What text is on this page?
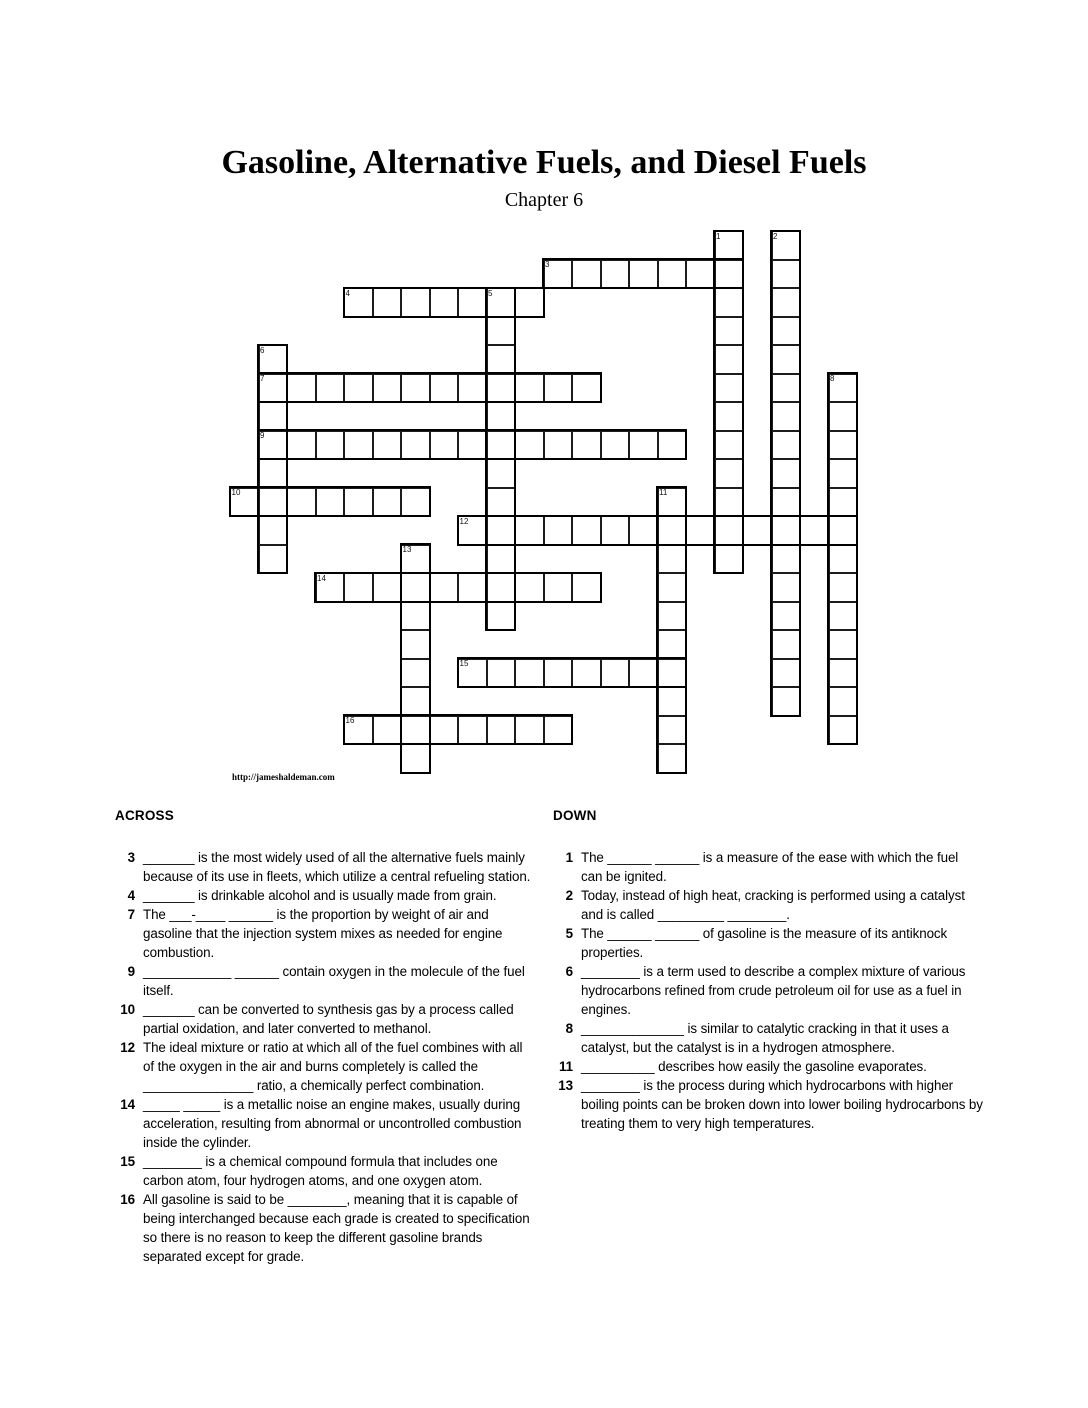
Gasoline, Alternative Fuels, and Diesel Fuels
Chapter 6
1	2
3
4	5
6
7	8
9
10	11
12
13
14
15
16
http://jameshaldeman.com
ACROSS
3 _______ is the most widely used of all the alternative fuels mainly because of its use in fleets, which utilize a central refueling station.
4 _______ is drinkable alcohol and is usually made from grain.
7 The ___-____ ______ is the proportion by weight of air and gasoline that the injection system mixes as needed for engine combustion.
9 ____________ ______ contain oxygen in the molecule of the fuel itself.
10 _______ can be converted to synthesis gas by a process called partial oxidation, and later converted to methanol.
12 The ideal mixture or ratio at which all of the fuel combines with all of the oxygen in the air and burns completely is called the _______________ ratio, a chemically perfect combination.
14 _____ _____ is a metallic noise an engine makes, usually during acceleration, resulting from abnormal or uncontrolled combustion inside the cylinder.
15 ________ is a chemical compound formula that includes one carbon atom, four hydrogen atoms, and one oxygen atom.
16 All gasoline is said to be ________, meaning that it is capable of being interchanged because each grade is created to specification so there is no reason to keep the different gasoline brands separated except for grade.
DOWN
1 The ______ ______ is a measure of the ease with which the fuel can be ignited.
2 Today, instead of high heat, cracking is performed using a catalyst and is called _________ ________.
5 The ______ ______ of gasoline is the measure of its antiknock properties.
6 ________ is a term used to describe a complex mixture of various hydrocarbons refined from crude petroleum oil for use as a fuel in engines.
8 ______________ is similar to catalytic cracking in that it uses a catalyst, but the catalyst is in a hydrogen atmosphere.
11 __________ describes how easily the gasoline evaporates.
13 ________ is the process during which hydrocarbons with higher boiling points can be broken down into lower boiling hydrocarbons by treating them to very high temperatures.
